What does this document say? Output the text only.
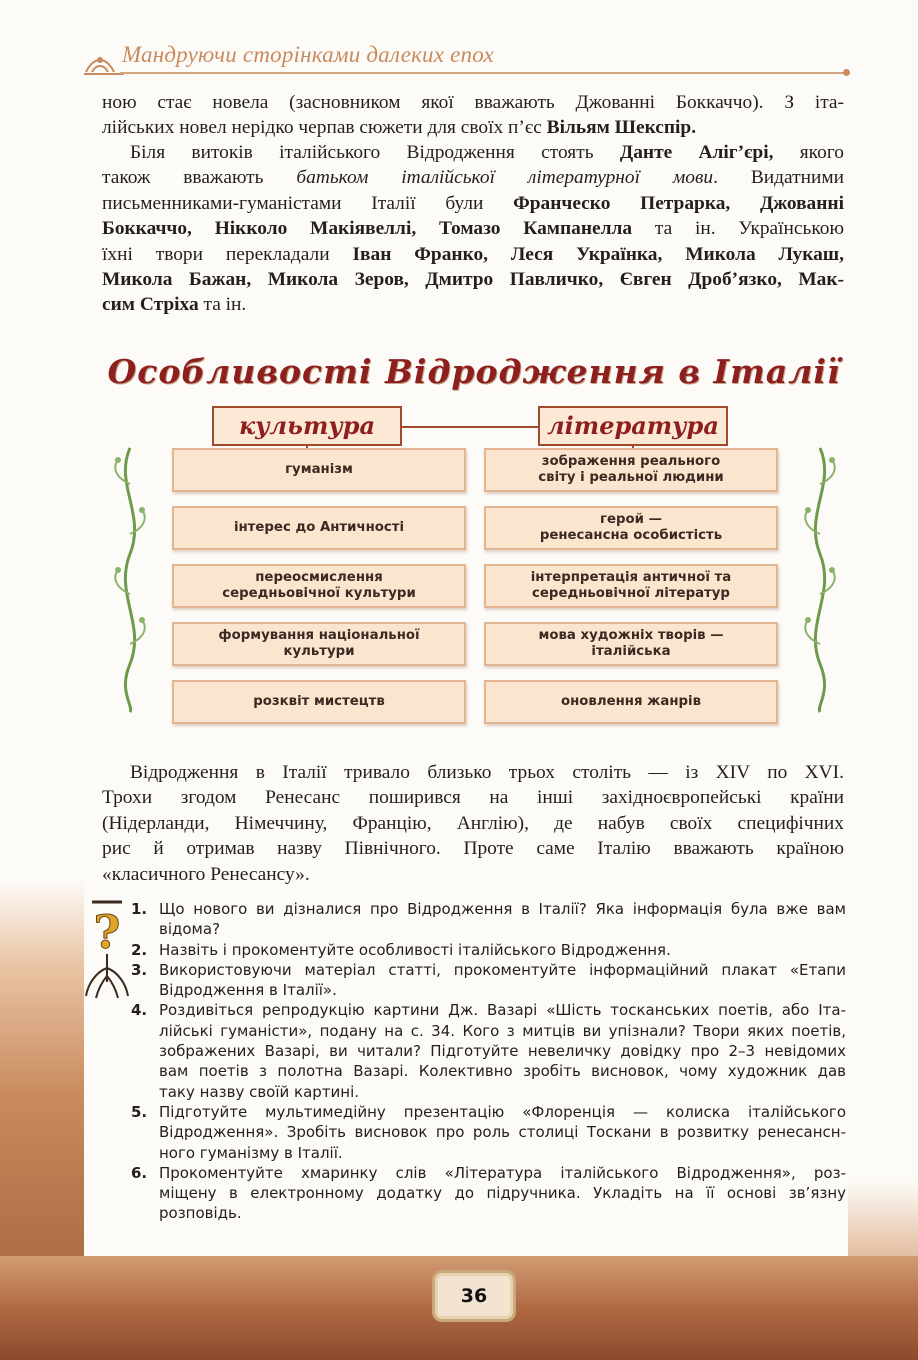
Мандруючи сторінками далеких епох
ною стає новела (засновником якої вважають Джованні Боккаччо). З іта-
лійських новел нерідко черпав сюжети для своїх п’єс Вільям Шекспір.
Біля витоків італійського Відродження стоять Данте Аліг’єрі, якого
також вважають батьком італійської літературної мови. Видатними
письменниками-гуманістами Італії були Франческо Петрарка, Джованні
Боккаччо, Нікколо Макіявеллі, Томазо Кампанелла та ін. Українською
їхні твори перекладали Іван Франко, Леся Українка, Микола Лукаш,
Микола Бажан, Микола Зеров, Дмитро Павличко, Євген Дроб’язко, Мак-
сим Стріха та ін.
Особливості Відродження в Італії
культура	література
гуманізм
інтерес до Античності
переосмислення
середньовічної культури
формування національної
культури
розквіт мистецтв
зображення реального
світу і реальної людини
герой —
ренесансна особистість
інтерпретація античної та
середньовічної літератур
мова художніх творів —
італійська
оновлення жанрів
Відродження в Італії тривало близько трьох століть — із XIV по XVI.
Трохи згодом Ренесанс поширився на інші західноєвропейські країни
(Нідерланди, Німеччину, Францію, Англію), де набув своїх специфічних
рис й отримав назву Північного. Проте саме Італію вважають країною
«класичного Ренесансу».
? 1. Що нового ви дізналися про Відродження в Італії? Яка інформація була вже вам
відома?
2. Назвіть і прокоментуйте особливості італійського Відродження.
3. Використовуючи матеріал статті, прокоментуйте інформаційний плакат «Етапи
Відродження в Італії».
4. Роздивіться репродукцію картини Дж. Вазарі «Шість тосканських поетів, або Іта-
лійські гуманісти», подану на с. 34. Кого з митців ви упізнали? Твори яких поетів,
зображених Вазарі, ви читали? Підготуйте невеличку довідку про 2–3 невідомих
вам поетів з полотна Вазарі. Колективно зробіть висновок, чому художник дав
таку назву своїй картині.
5. Підготуйте мультимедійну презентацію «Флоренція — колиска італійського
Відродження». Зробіть висновок про роль столиці Тоскани в розвитку ренесансн-
ного гуманізму в Італії.
6. Прокоментуйте хмаринку слів «Література італійського Відродження», роз-
міщену в електронному додатку до підручника. Укладіть на її основі зв’язну
розповідь.
36
